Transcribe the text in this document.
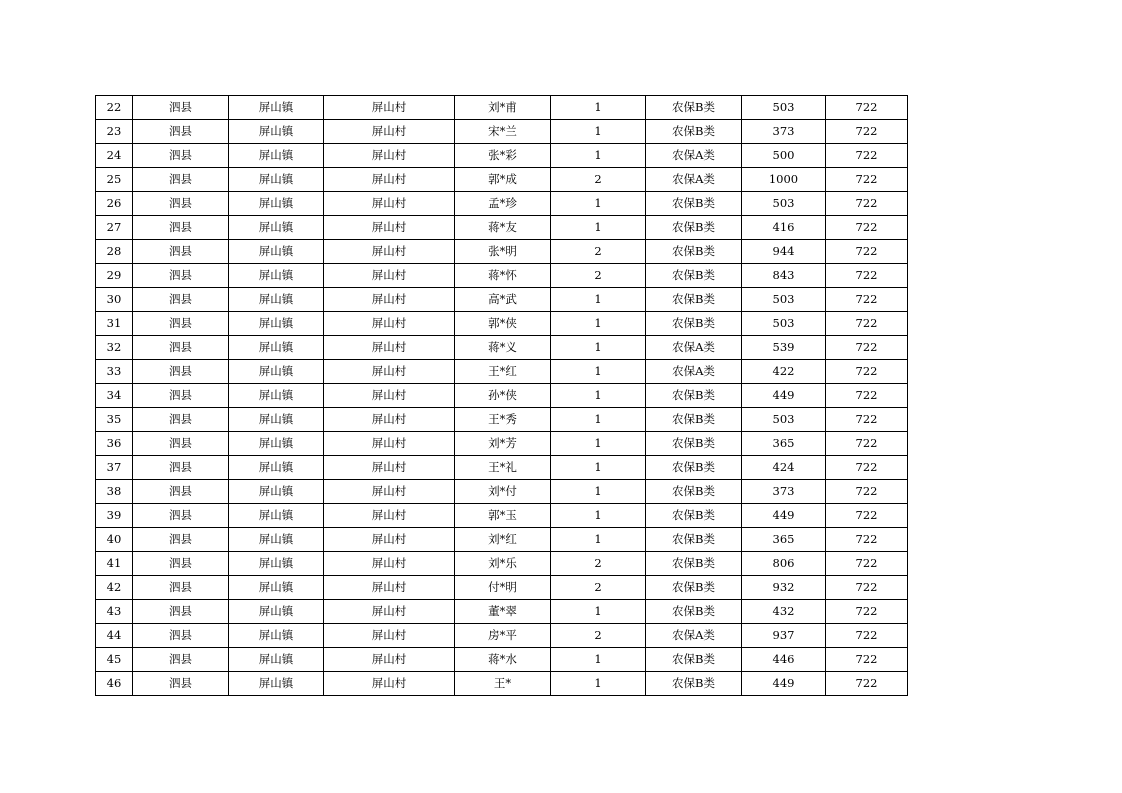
22	泗县	屏山镇	屏山村	刘*甫	1	农保B类	503	722
23	泗县	屏山镇	屏山村	宋*兰	1	农保B类	373	722
24	泗县	屏山镇	屏山村	张*彩	1	农保A类	500	722
25	泗县	屏山镇	屏山村	郭*成	2	农保A类	1000	722
26	泗县	屏山镇	屏山村	孟*珍	1	农保B类	503	722
27	泗县	屏山镇	屏山村	蒋*友	1	农保B类	416	722
28	泗县	屏山镇	屏山村	张*明	2	农保B类	944	722
29	泗县	屏山镇	屏山村	蒋*怀	2	农保B类	843	722
30	泗县	屏山镇	屏山村	高*武	1	农保B类	503	722
31	泗县	屏山镇	屏山村	郭*侠	1	农保B类	503	722
32	泗县	屏山镇	屏山村	蒋*义	1	农保A类	539	722
33	泗县	屏山镇	屏山村	王*红	1	农保A类	422	722
34	泗县	屏山镇	屏山村	孙*侠	1	农保B类	449	722
35	泗县	屏山镇	屏山村	王*秀	1	农保B类	503	722
36	泗县	屏山镇	屏山村	刘*芳	1	农保B类	365	722
37	泗县	屏山镇	屏山村	王*礼	1	农保B类	424	722
38	泗县	屏山镇	屏山村	刘*付	1	农保B类	373	722
39	泗县	屏山镇	屏山村	郭*玉	1	农保B类	449	722
40	泗县	屏山镇	屏山村	刘*红	1	农保B类	365	722
41	泗县	屏山镇	屏山村	刘*乐	2	农保B类	806	722
42	泗县	屏山镇	屏山村	付*明	2	农保B类	932	722
43	泗县	屏山镇	屏山村	董*翠	1	农保B类	432	722
44	泗县	屏山镇	屏山村	房*平	2	农保A类	937	722
45	泗县	屏山镇	屏山村	蒋*水	1	农保B类	446	722
46	泗县	屏山镇	屏山村	王*	1	农保B类	449	722
